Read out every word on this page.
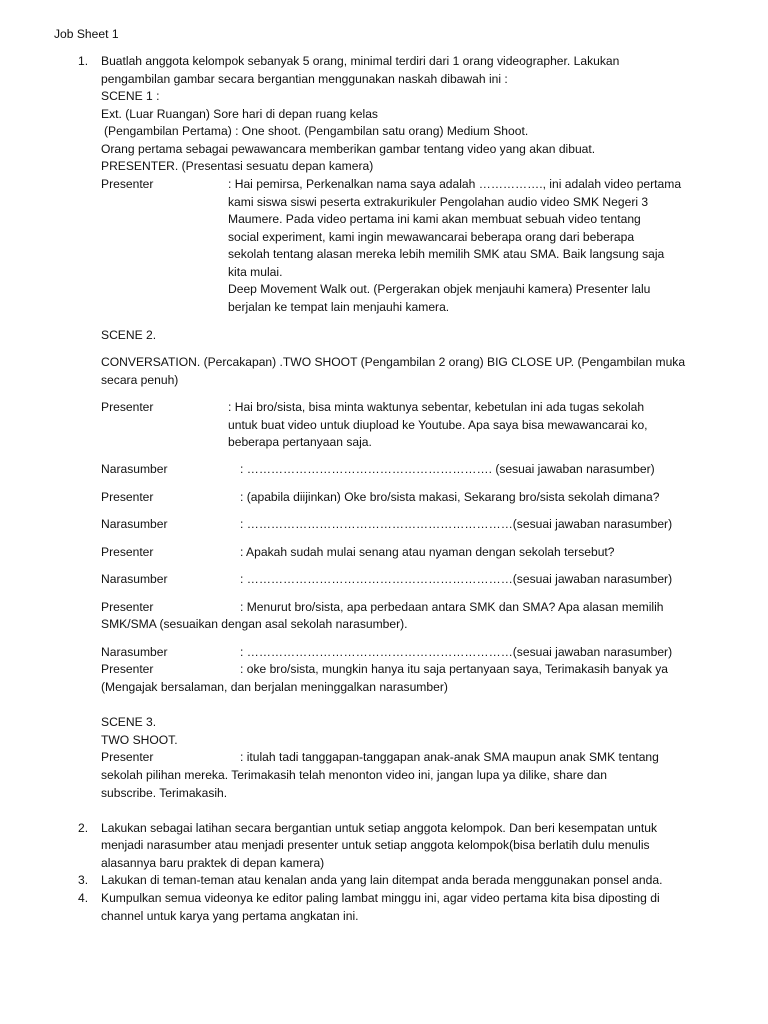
Job Sheet 1
1. Buatlah anggota kelompok sebanyak 5 orang, minimal terdiri dari 1 orang videographer. Lakukan
pengambilan gambar secara bergantian menggunakan naskah dibawah ini :
SCENE 1 :
Ext. (Luar Ruangan) Sore hari di depan ruang kelas
(Pengambilan Pertama) : One shoot. (Pengambilan satu orang) Medium Shoot.
Orang pertama sebagai pewawancara memberikan gambar tentang video yang akan dibuat.
PRESENTER. (Presentasi sesuatu depan kamera)
Presenter	: Hai pemirsa, Perkenalkan nama saya adalah ……………., ini adalah video pertama
kami siswa siswi peserta extrakurikuler Pengolahan audio video SMK Negeri 3
Maumere. Pada video pertama ini kami akan membuat sebuah video tentang
social experiment, kami ingin mewawancarai beberapa orang dari beberapa
sekolah tentang alasan mereka lebih memilih SMK atau SMA. Baik langsung saja
kita mulai.
Deep Movement Walk out. (Pergerakan objek menjauhi kamera) Presenter lalu
berjalan ke tempat lain menjauhi kamera.
SCENE 2.
CONVERSATION. (Percakapan) .TWO SHOOT (Pengambilan 2 orang) BIG CLOSE UP. (Pengambilan muka
secara penuh)
Presenter	: Hai bro/sista, bisa minta waktunya sebentar, kebetulan ini ada tugas sekolah
untuk buat video untuk diupload ke Youtube. Apa saya bisa mewawancarai ko,
beberapa pertanyaan saja.
Narasumber	: ……………………………………………………. (sesuai jawaban narasumber)
Presenter	: (apabila diijinkan) Oke bro/sista makasi, Sekarang bro/sista sekolah dimana?
Narasumber	: …………………………………………………………(sesuai jawaban narasumber)
Presenter	: Apakah sudah mulai senang atau nyaman dengan sekolah tersebut?
Narasumber	: …………………………………………………………(sesuai jawaban narasumber)
Presenter	: Menurut bro/sista, apa perbedaan antara SMK dan SMA? Apa alasan memilih
SMK/SMA (sesuaikan dengan asal sekolah narasumber).
Narasumber	: …………………………………………………………(sesuai jawaban narasumber)
Presenter	: oke bro/sista, mungkin hanya itu saja pertanyaan saya, Terimakasih banyak ya
(Mengajak bersalaman, dan berjalan meninggalkan narasumber)
SCENE 3.
TWO SHOOT.
Presenter	: itulah tadi tanggapan-tanggapan anak-anak SMA maupun anak SMK tentang
sekolah pilihan mereka. Terimakasih telah menonton video ini, jangan lupa ya dilike, share dan
subscribe. Terimakasih.
2. Lakukan sebagai latihan secara bergantian untuk setiap anggota kelompok. Dan beri kesempatan untuk
menjadi narasumber atau menjadi presenter untuk setiap anggota kelompok(bisa berlatih dulu menulis
alasannya baru praktek di depan kamera)
3. Lakukan di teman-teman atau kenalan anda yang lain ditempat anda berada menggunakan ponsel anda.
4. Kumpulkan semua videonya ke editor paling lambat minggu ini, agar video pertama kita bisa diposting di
channel untuk karya yang pertama angkatan ini.
